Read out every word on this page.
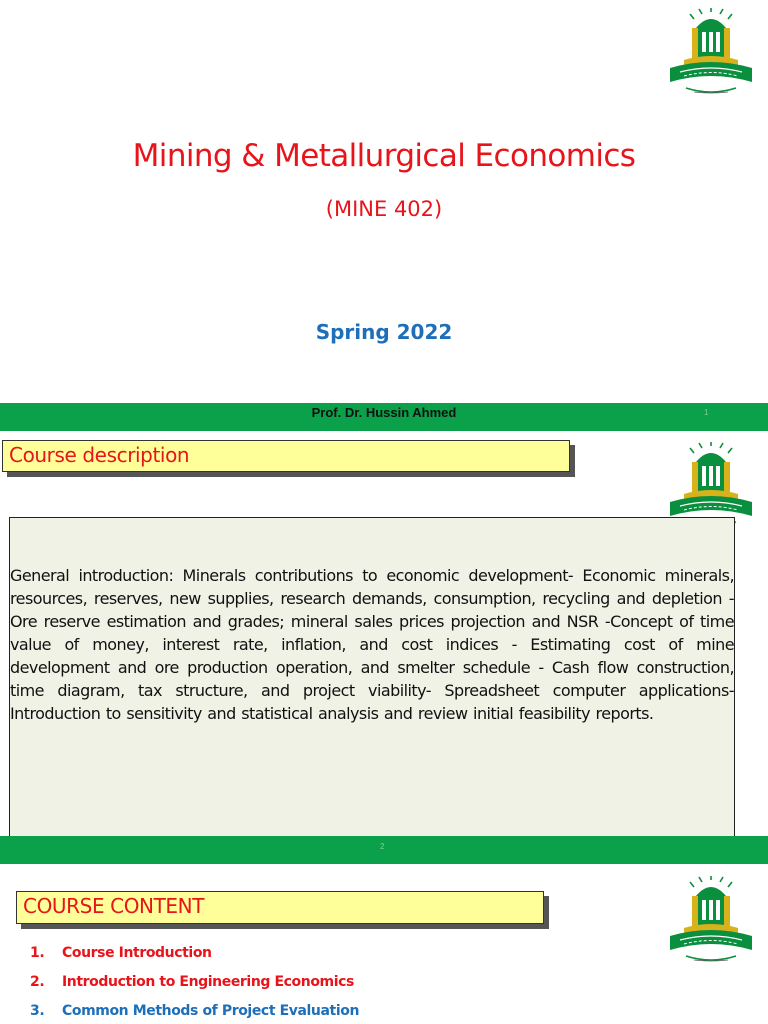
Mining & Metallurgical Economics
(MINE 402)
Spring 2022
Prof. Dr. Hussin Ahmed	1
Course description

General introduction: Minerals contributions to economic development- Economic minerals, resources, reserves, new supplies, research demands, consumption, recycling and depletion - Ore reserve estimation and grades; mineral sales prices projection and NSR -Concept of time value of money, interest rate, inflation, and cost indices - Estimating cost of mine development and ore production operation, and smelter schedule - Cash flow construction, time diagram, tax structure, and project viability- Spreadsheet computer applications- Introduction to sensitivity and statistical analysis and review initial feasibility reports.

2
COURSE CONTENT
1. Course Introduction
2. Introduction to Engineering Economics
3. Common Methods of Project Evaluation
